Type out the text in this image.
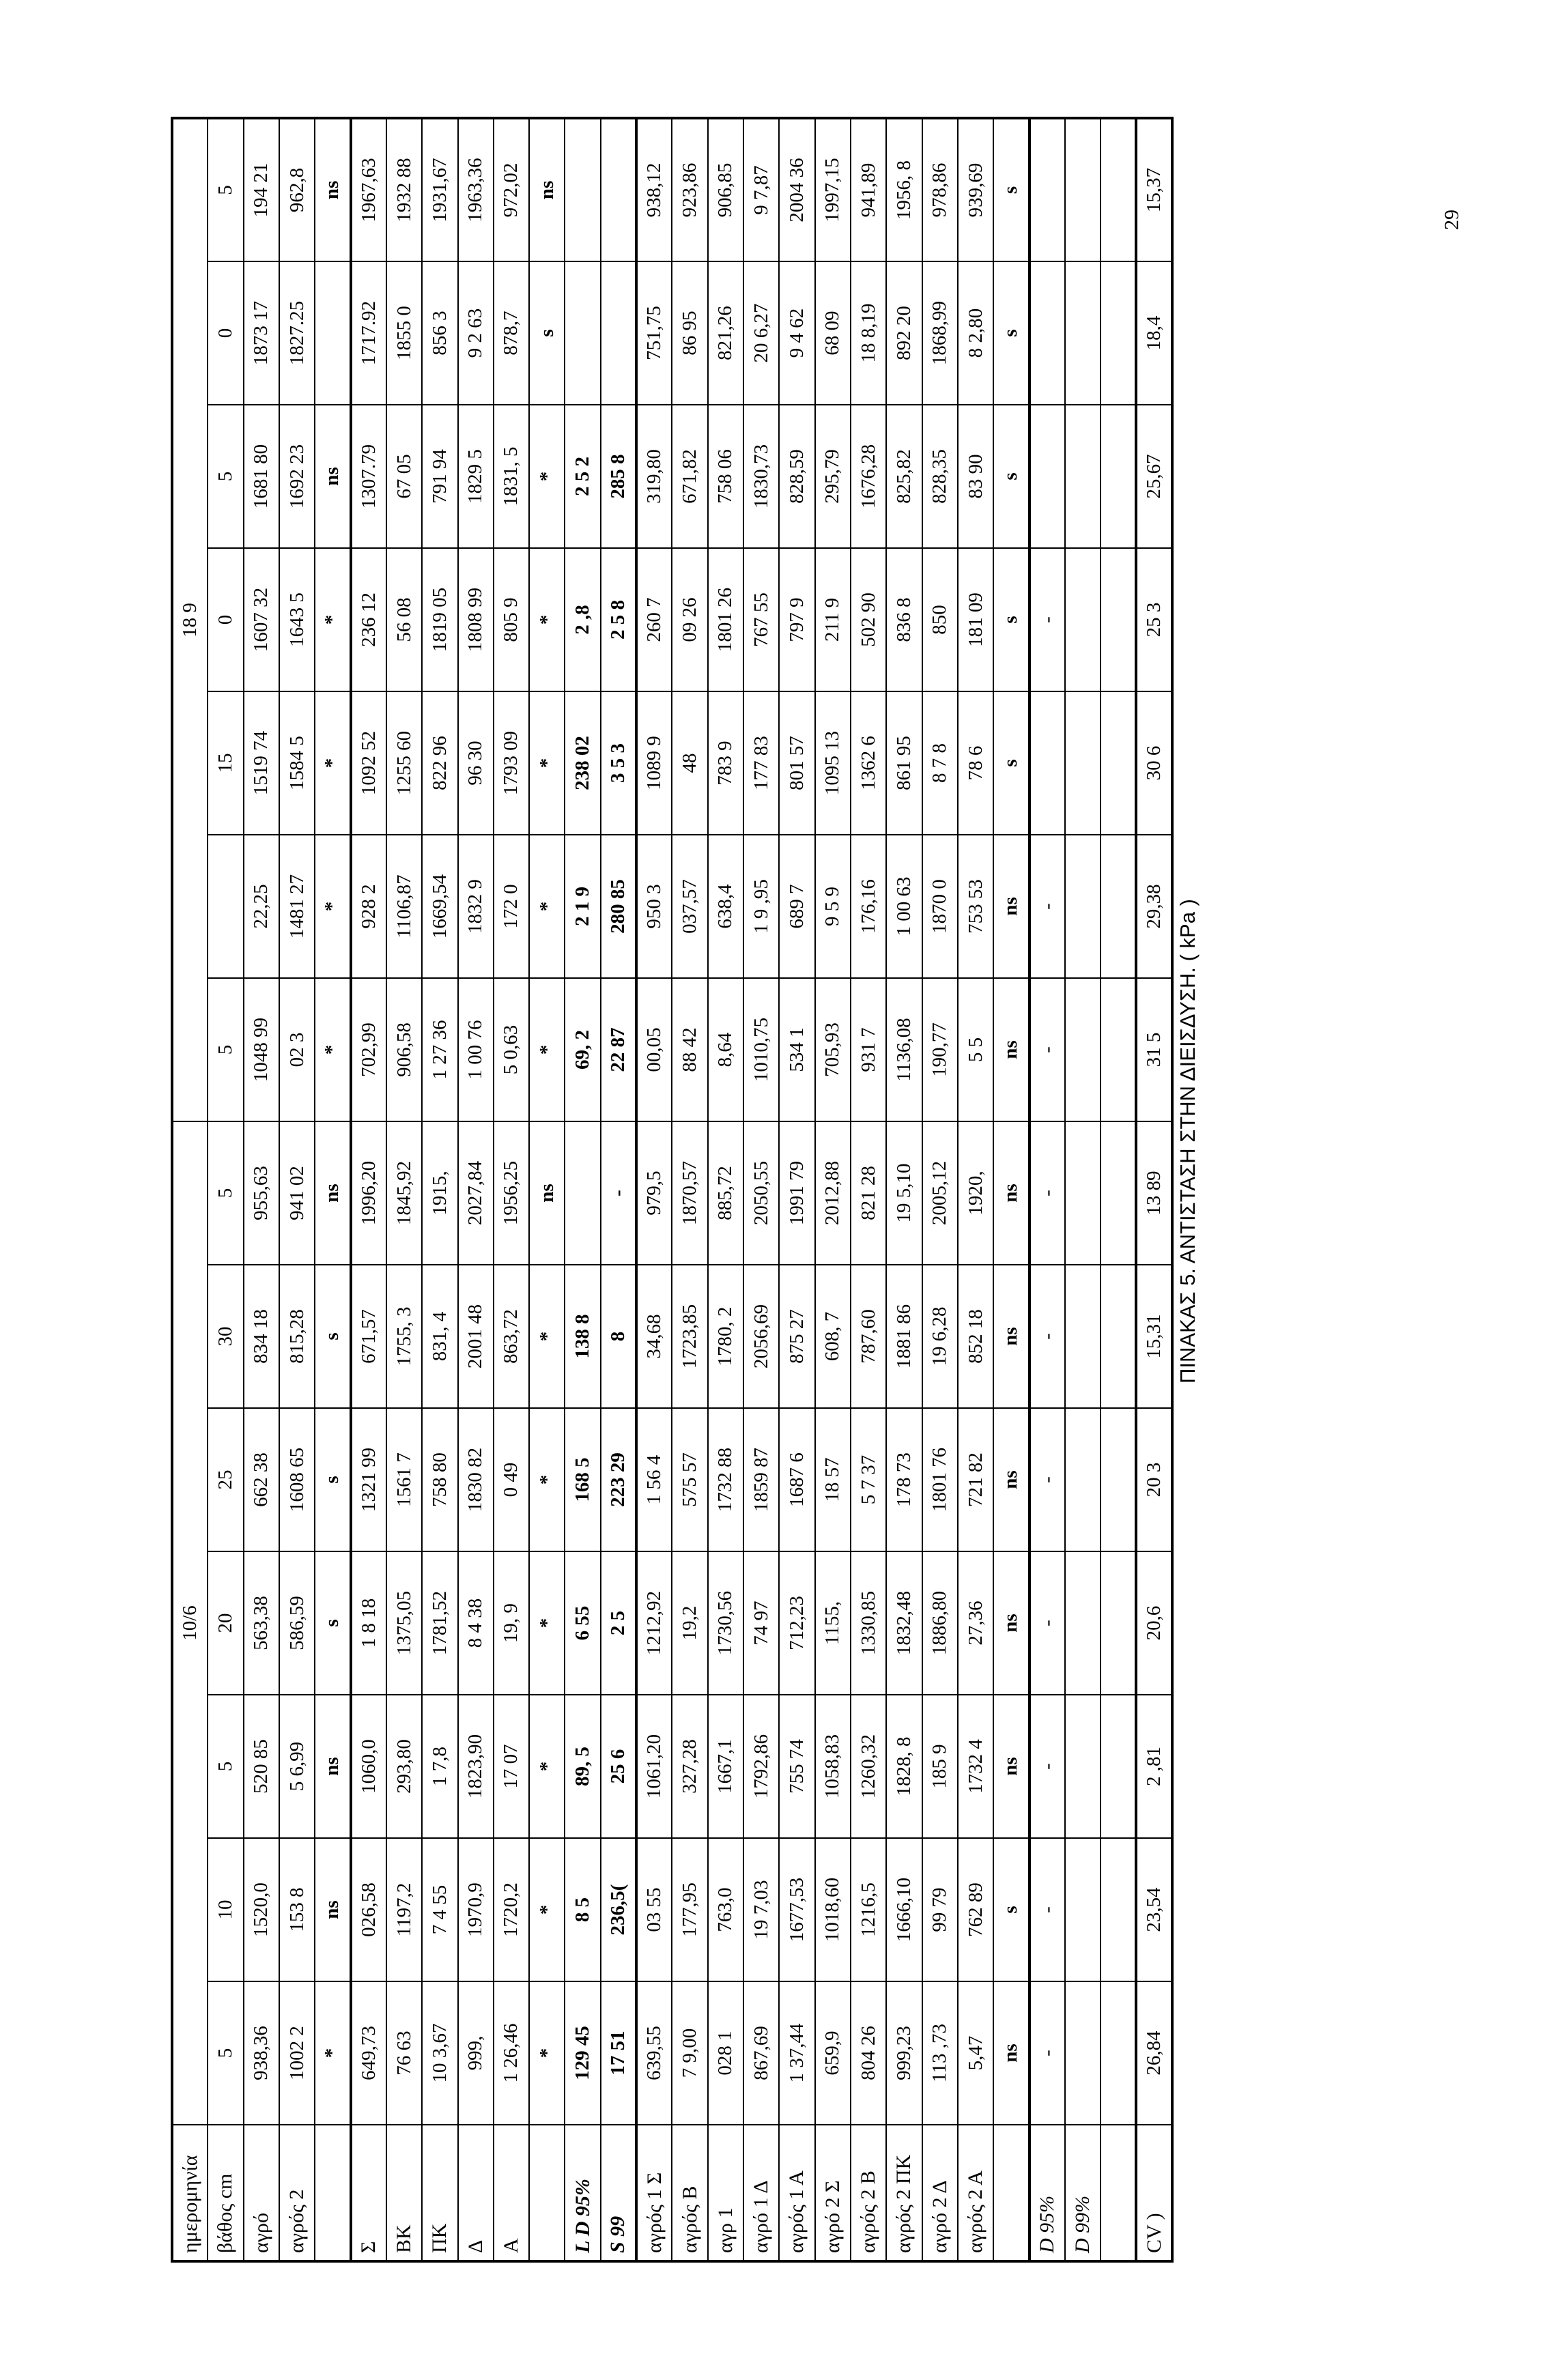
ημερομηνία	10/6							18 9						
βάθος cm	5	10	5	20	25	30	5	5		15	0	5	0	5
αγρό	938,36	1520,0	520 85	563,38	662 38	834 18	955,63	1048 99	22,25	1519 74	1607 32	1681 80	1873 17	194 21
αγρός 2	1002 2	153 8	5 6,99	586,59	1608 65	815,28	941 02	02 3	1481 27	1584 5	1643 5	1692 23	1827.25	962,8
	*	ns	ns	s	s	s	ns	*	*	*	*	ns		ns
Σ	649,73	026,58	1060,0	1 8 18	1321 99	671,57	1996,20	702,99	928 2	1092 52	236 12	1307.79	1717.92	1967,63
ΒΚ	76 63	1197,2	293,80	1375,05	1561 7	1755, 3	1845,92	906,58	1106,87	1255 60	56 08	67 05	1855 0	1932 88
ΠΚ	10 3,67	7 4 55	1 7,8	1781,52	758 80	831, 4	1915,	1 27 36	1669,54	822 96	1819 05	791 94	856 3	1931,67
Δ	999,	1970,9	1823,90	8 4 38	1830 82	2001 48	2027,84	1 00 76	1832 9	96 30	1808 99	1829 5	9 2 63	1963,36
Α	1 26,46	1720,2	17 07	19, 9	0 49	863,72	1956,25	5 0,63	172 0	1793 09	805 9	1831, 5	878,7	972,02
	*	*	*	*	*	*	ns	*	*	*	*	*	s	ns
L D 95%	129 45	8 5	89, 5	6 55	168 5	138 8		69, 2	2 1 9	238 02	2 ,8	2 5 2		
S 99	17 51	236,5(	25 6	2 5	223 29	8	-	22 87	280 85	3 5 3	2 5 8	285 8		
αγρός 1 Σ	639,55	03 55	1061,20	1212,92	1 56 4	34,68	979,5	00,05	950 3	1089 9	260 7	319,80	751,75	938,12
αγρός Β	7 9,00	177,95	327,28	19,2	575 57	1723,85	1870,57	88 42	037,57	48	09 26	671,82	86 95	923,86
αγρ 1	028 1	763,0	1667,1	1730,56	1732 88	1780, 2	885,72	8,64	638,4	783 9	1801 26	758 06	821,26	906,85
αγρό 1 Δ	867,69	19 7,03	1792,86	74 97	1859 87	2056,69	2050,55	1010,75	1 9 ,95	177 83	767 55	1830,73	20 6,27	9 7,87
αγρός 1 Α	1 37,44	1677,53	755 74	712,23	1687 6	875 27	1991 79	534 1	689 7	801 57	797 9	828,59	9 4 62	2004 36
αγρό 2 Σ	659,9	1018,60	1058,83	1155,	18 57	608, 7	2012,88	705,93	9 5 9	1095 13	211 9	295,79	68 09	1997,15
αγρός 2 Β	804 26	1216,5	1260,32	1330,85	5 7 37	787,60	821 28	931 7	176,16	1362 6	502 90	1676,28	18 8,19	941,89
αγρός 2 ΠΚ	999,23	1666,10	1828, 8	1832,48	178 73	1881 86	19 5,10	1136,08	1 00 63	861 95	836 8	825,82	892 20	1956, 8
αγρό 2 Δ	113 ,73	99 79	185 9	1886,80	1801 76	19 6,28	2005,12	190,77	1870 0	8 7 8	850	828,35	1868,99	978,86
αγρός 2 Α	5,47	762 89	1732 4	27,36	721 82	852 18	1920,	5 5	753 53	78 6	181 09	83 90	8 2,80	939,69
	ns	s	ns	ns	ns	ns	ns	ns	ns	s	s	s	s	s
D 95%	-	-	-	-	-	-	-	-	-		-			
D 99%														

CV )	26,84	23,54	2 ,81	20,6	20 3	15,31	13 89	31 5	29,38	30 6	25 3	25,67	18,4	15,37
ΠΙΝΑΚΑΣ 5. ΑΝΤΙΣΤΑΣΗ ΣΤΗΝ ΔΙΕΙΣΔΥΣΗ. ( kPa )
29
